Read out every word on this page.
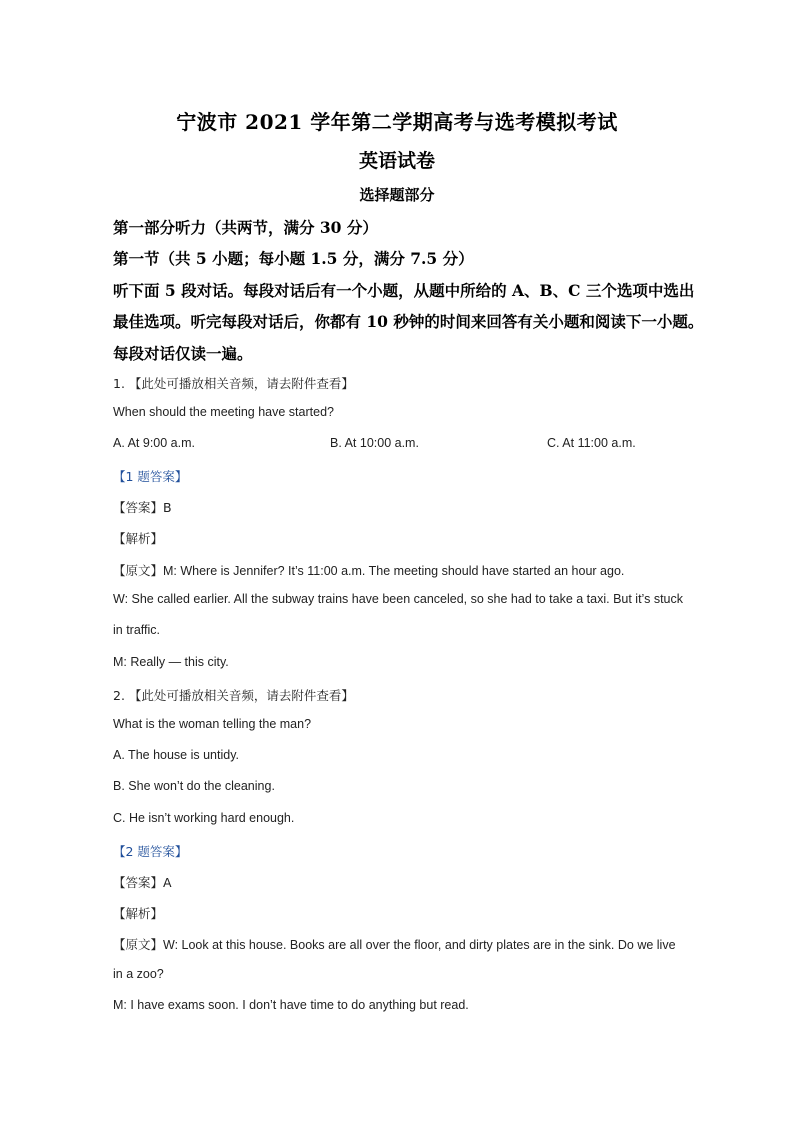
宁波市 2021 学年第二学期高考与选考模拟考试
英语试卷
选择题部分
第一部分听力（共两节，满分 30 分）
第一节（共 5 小题；每小题 1.5 分，满分 7.5 分）
听下面 5 段对话。每段对话后有一个小题，从题中所给的 A、B、C 三个选项中选出
最佳选项。听完每段对话后，你都有 10 秒钟的时间来回答有关小题和阅读下一小题。
每段对话仅读一遍。
1. 【此处可播放相关音频，请去附件查看】
When should the meeting have started?
A. At 9:00 a.m.	B. At 10:00 a.m.	C. At 11:00 a.m.
【1 题答案】
【答案】B
【解析】
【原文】M: Where is Jennifer? It’s 11:00 a.m. The meeting should have started an hour ago.
W: She called earlier. All the subway trains have been canceled, so she had to take a taxi. But it’s stuck
in traffic.
M: Really — this city.
2. 【此处可播放相关音频，请去附件查看】
What is the woman telling the man?
A. The house is untidy.
B. She won’t do the cleaning.
C. He isn’t working hard enough.
【2 题答案】
【答案】A
【解析】
【原文】W: Look at this house. Books are all over the floor, and dirty plates are in the sink. Do we live
in a zoo?
M: I have exams soon. I don’t have time to do anything but read.
